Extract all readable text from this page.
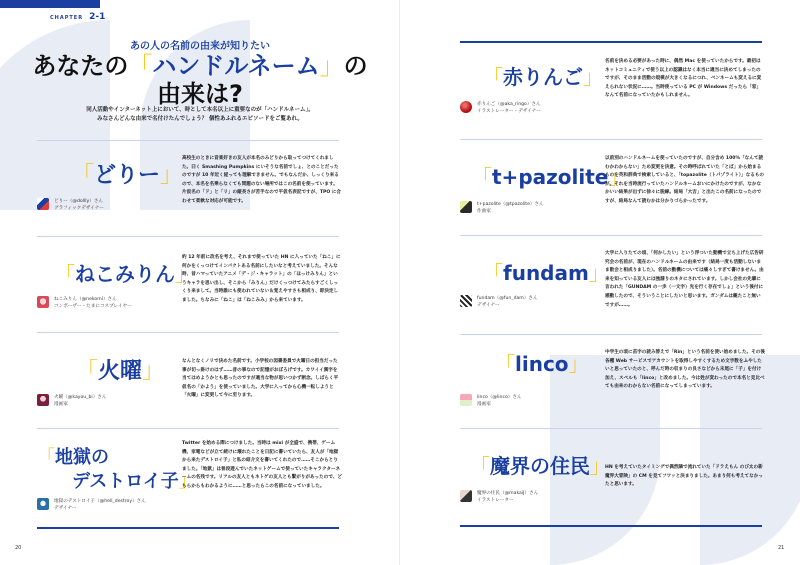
CHAPTER 2-1
あの人の名前の由来が知りたい
あなたの「ハンドルネーム」の
由来は?
同人活動やインターネット上において、時として本名以上に重要なのが「ハンドルネーム」。
みなさんどんな由来で名付けたんでしょう？ 個性あふれるエピソードをご覧あれ。
「どりー」
どりー（@dollly）さん
グラフィックデザイナー
高校生のときに音楽好きの友人が本名のみどりから取ってつけてくれました。曰く Smashing Pumpkins にいそうな名前でしょ、とのことだったのですが 10 年近く経っても理解できません。でもなんだか、しっくり来るので、本名を名乗らなくても問題のない場所ではこの名前を使っています。片仮名の「ド」と「リ」の縦長さが苦手なので平仮名表記ですが、TPO に合わせて柔軟な対応が可能です。
「ねこみりん」
ねこみりん（@nekomi）さん
コンポーザー・たまにコスプレイヤー
約 12 年前に改名を考え、それまで使っていた HN に入っていた「ねこ」に何かをくっつけてインパクトある名前にしたいなと考えていました。そんな時、昔ハマっていたアニメ「デ・ジ・キャラット」の「ほっけみりん」というキャラを思い出し、そこから「みりん」だけくっつけてみたらすごくしっくり来まして。当時誰にも使われていない＆覚えやすさも相成り、即決定しました。ちなみに「ねこ」は「ねこみみ」から来ています。
「火曜」
火曜（@kayou_bi）さん
漫画家
なんとなくノリで決めた名前です。小学校の図書委員で火曜日の担当だった事が切っ掛けのはず……昔の事なので記憶がおぼろげです。カワイイ漢字を当てはめようかとも思ったのですが適当な物が思いつかず断念。しばらく平仮名の「かよう」を使っていました。大学に入ってから心機一転しようと「火曜」に変更して今に至ります。
「地獄の
デストロイ子」
地獄のデストロイ子（@hell_destroy）さん
デザイナー
Twitter を始める際につけました。当時は mixi が全盛で、携帯、ゲーム機、家電などが立て続けに壊れたことを日記に書いていたら、友人が「地獄から来たデストロイ子」と私の紹介文を書いてくれたので……そこからとりました。「地獄」は普段遊んでいたネットゲームで使っていたキャラクターネームの名残です。リアルの友人ともネトゲの友人とも繋がりがあったので、どちらからもわかるように……と思ったらこの名前になっていました。
20
「赤りんご」
赤りんご（@aka_ringo）さん
イラストレーター・デザイナー
名前を決める必要があった時に、偶然 Mac を使っていたからです。最初はネットコミュニティで使う以上の認識はなく本当に適当に決めてしまったのですが、そのまま活動の規模が大きくなるにつれ、ペンネームも変えるに変えられない状況に……。当時使っている PC が Windows だったら「窓」なんて名前になっていたかもしれません。
「t+pazolite」
t+pazolite（@tpazolite）さん
作曲家
以前別のハンドルネームを使っていたのですが、自分含め 100%「なんて読むかわからない」ため変更を決意。その時呼ばれていた「とば」から始まるものを英和辞典で検索していると、「topazolite（トパゾライト）」なるものが。それを当時流行っていたハンドルネームおいにかけたのですが、なかなかいい結果が出ずに徐々に脱線。結局「大吉」と出たこの名前になったのですが、結局なんて読むかは分かりづらかったです。
「fundam」
fundam（@fun_dam）さん
デザイナー
大学に入りたての頃、「何かしたい」という浮ついた動機で立ち上げた広告研究会の名前が、現在のハンドルネームの由来です（結局一度も活動しないまま散会と相成りました）。名前の動機については痛々しすぎて書けません。由来を知っている友人には強請りのネタにされています。しかし会社の先輩に言われた「GUNDAM の一歩（一文字）先を行く存在でしょ」という後付に感動したので、そういうことにしたいと思います。ガンダムは観たこと無いですが……。
「linco」
linco（@linco）さん
漫画家
中学生の頃に苗字の読み替えで「Rin」という名前を使い始めました。その後各種 Web サービスでアカウントを取得しやすくするため文字数をふやしたいと思っていたのと、呼んだ時の収まりの良さなどから末尾に「子」を付け加え、スペルも「linco」と改めました。今は姓が変わったので本名と見比べても由来のわからない名前になってしまっています。
「魔界の住民」
魔界の住民（@makaiJ）さん
イラストレーター
HN を考えていたタイミングで偶然隣で流れていた「ドラえもん のび太の新魔界大冒険」の CM を見てフワッと決まりました。あまり何も考えてなかったと思います。
21
